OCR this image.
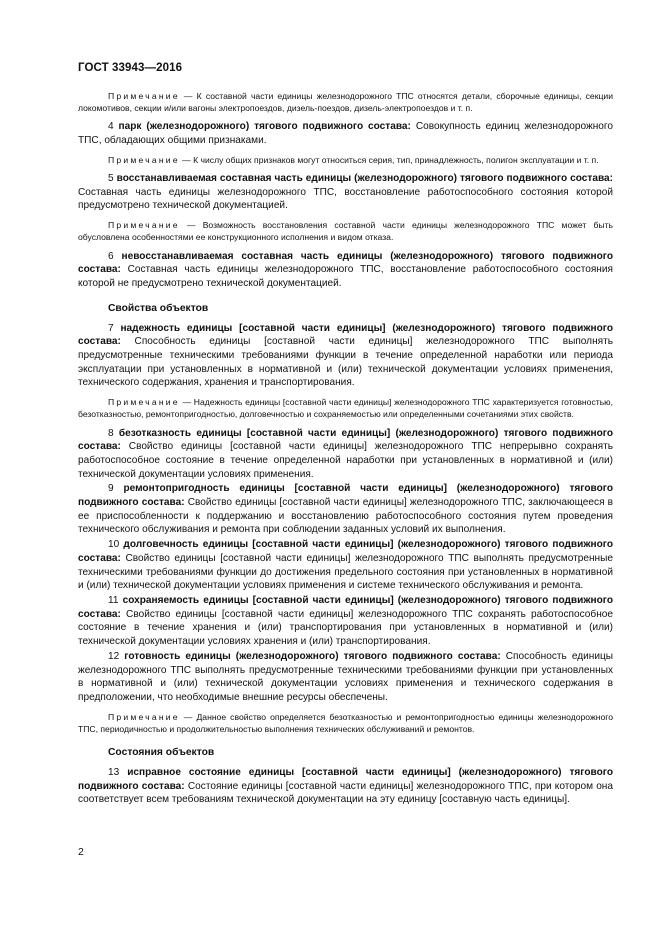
ГОСТ 33943—2016

Примечание — К составной части единицы железнодорожного ТПС относятся детали, сборочные единицы, секции локомотивов, секции и/или вагоны электропоездов, дизель-поездов, дизель-электропоездов и т. п.

4 парк (железнодорожного) тягового подвижного состава: Совокупность единиц железнодорожного ТПС, обладающих общими признаками.

Примечание — К числу общих признаков могут относиться серия, тип, принадлежность, полигон эксплуатации и т. п.

5 восстанавливаемая составная часть единицы (железнодорожного) тягового подвижного состава: Составная часть единицы железнодорожного ТПС, восстановление работоспособного состояния которой предусмотрено технической документацией.

Примечание — Возможность восстановления составной части единицы железнодорожного ТПС может быть обусловлена особенностями ее конструкционного исполнения и видом отказа.

6 невосстанавливаемая составная часть единицы (железнодорожного) тягового подвижного состава: Составная часть единицы железнодорожного ТПС, восстановление работоспособного состояния которой не предусмотрено технической документацией.

Свойства объектов

7 надежность единицы [составной части единицы] (железнодорожного) тягового подвижного состава: Способность единицы [составной части единицы] железнодорожного ТПС выполнять предусмотренные техническими требованиями функции в течение определенной наработки или периода эксплуатации при установленных в нормативной и (или) технической документации условиях применения, технического содержания, хранения и транспортирования.

Примечание — Надежность единицы [составной части единицы] железнодорожного ТПС характеризуется готовностью, безотказностью, ремонтопригодностью, долговечностью и сохраняемостью или определенными сочетаниями этих свойств.

8 безотказность единицы [составной части единицы] (железнодорожного) тягового подвижного состава: Свойство единицы [составной части единицы] железнодорожного ТПС непрерывно сохранять работоспособное состояние в течение определенной наработки при установленных в нормативной и (или) технической документации условиях применения.

9 ремонтопригодность единицы [составной части единицы] (железнодорожного) тягового подвижного состава: Свойство единицы [составной части единицы] железнодорожного ТПС, заключающееся в ее приспособленности к поддержанию и восстановлению работоспособного состояния путем проведения технического обслуживания и ремонта при соблюдении заданных условий их выполнения.

10 долговечность единицы [составной части единицы] (железнодорожного) тягового подвижного состава: Свойство единицы [составной части единицы] железнодорожного ТПС выполнять предусмотренные техническими требованиями функции до достижения предельного состояния при установленных в нормативной и (или) технической документации условиях применения и системе технического обслуживания и ремонта.

11 сохраняемость единицы [составной части единицы] (железнодорожного) тягового подвижного состава: Свойство единицы [составной части единицы] железнодорожного ТПС сохранять работоспособное состояние в течение хранения и (или) транспортирования при установленных в нормативной и (или) технической документации условиях хранения и (или) транспортирования.

12 готовность единицы (железнодорожного) тягового подвижного состава: Способность единицы железнодорожного ТПС выполнять предусмотренные техническими требованиями функции при установленных в нормативной и (или) технической документации условиях применения и технического содержания в предположении, что необходимые внешние ресурсы обеспечены.

Примечание — Данное свойство определяется безотказностью и ремонтопригодностью единицы железнодорожного ТПС, периодичностью и продолжительностью выполнения технических обслуживаний и ремонтов.

Состояния объектов

13 исправное состояние единицы [составной части единицы] (железнодорожного) тягового подвижного состава: Состояние единицы [составной части единицы] железнодорожного ТПС, при котором она соответствует всем требованиям технической документации на эту единицу [составную часть единицы].

2
